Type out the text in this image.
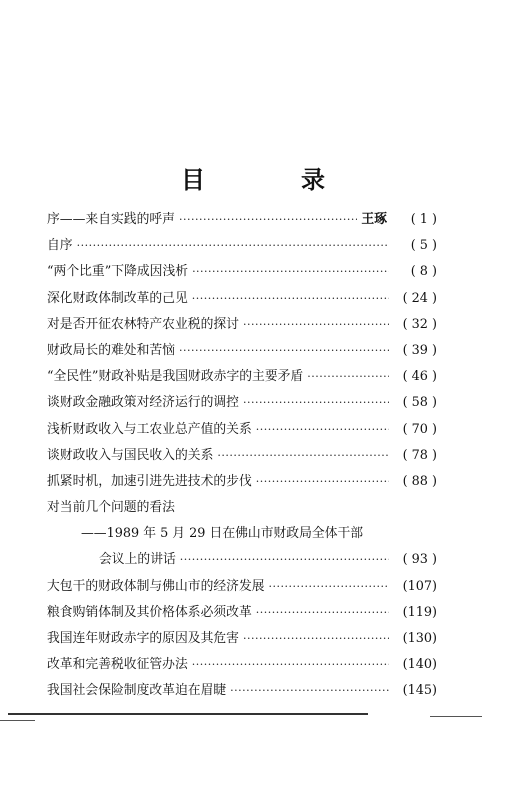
目　录
序——来自实践的呼声 ·····	王琢	( 1 )
自序 ·····	( 5 )
“两个比重”下降成因浅析 ·····	( 8 )
深化财政体制改革的己见 ·····	( 24 )
对是否开征农林特产农业税的探讨 ·····	( 32 )
财政局长的难处和苦恼 ·····	( 39 )
“全民性”财政补贴是我国财政赤字的主要矛盾 ·····	( 46 )
谈财政金融政策对经济运行的调控 ·····	( 58 )
浅析财政收入与工农业总产值的关系 ·····	( 70 )
谈财政收入与国民收入的关系 ·····	( 78 )
抓紧时机，加速引进先进技术的步伐 ·····	( 88 )
对当前几个问题的看法
——1989 年 5 月 29 日在佛山市财政局全体干部
会议上的讲话 ·····	( 93 )
大包干的财政体制与佛山市的经济发展 ·····	(107)
粮食购销体制及其价格体系必须改革 ·····	(119)
我国连年财政赤字的原因及其危害 ·····	(130)
改革和完善税收征管办法 ·····	(140)
我国社会保险制度改革迫在眉睫 ·····	(145)
